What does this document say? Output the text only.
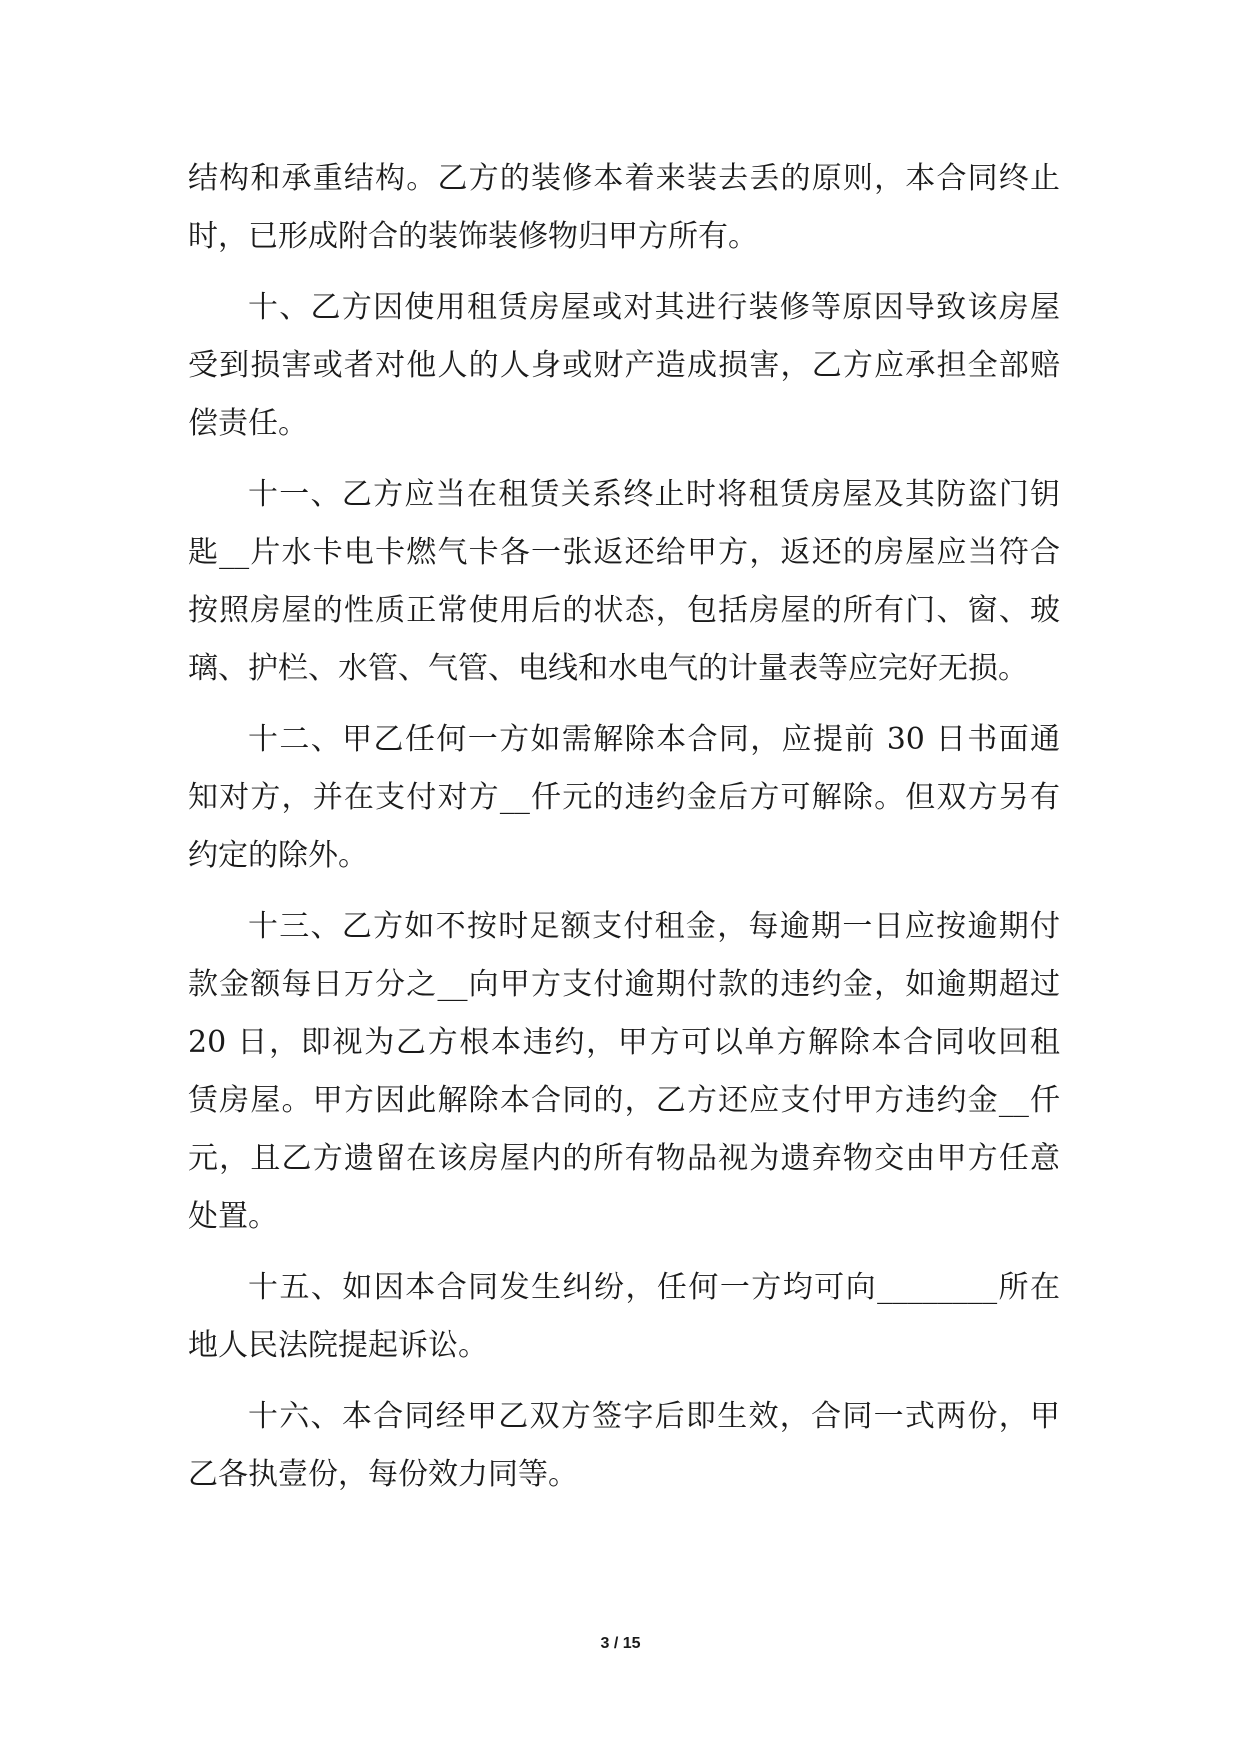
结构和承重结构。乙方的装修本着来装去丢的原则，本合同终止
时，已形成附合的装饰装修物归甲方所有。

十、乙方因使用租赁房屋或对其进行装修等原因导致该房屋
受到损害或者对他人的人身或财产造成损害，乙方应承担全部赔
偿责任。

十一、乙方应当在租赁关系终止时将租赁房屋及其防盗门钥
匙__片水卡电卡燃气卡各一张返还给甲方，返还的房屋应当符合
按照房屋的性质正常使用后的状态，包括房屋的所有门、窗、玻
璃、护栏、水管、气管、电线和水电气的计量表等应完好无损。

十二、甲乙任何一方如需解除本合同，应提前 30 日书面通
知对方，并在支付对方__仟元的违约金后方可解除。但双方另有
约定的除外。

十三、乙方如不按时足额支付租金，每逾期一日应按逾期付
款金额每日万分之__向甲方支付逾期付款的违约金，如逾期超过
20 日，即视为乙方根本违约，甲方可以单方解除本合同收回租
赁房屋。甲方因此解除本合同的，乙方还应支付甲方违约金__仟
元，且乙方遗留在该房屋内的所有物品视为遗弃物交由甲方任意
处置。

十五、如因本合同发生纠纷，任何一方均可向________所在
地人民法院提起诉讼。

十六、本合同经甲乙双方签字后即生效，合同一式两份，甲
乙各执壹份，每份效力同等。

3 / 15
